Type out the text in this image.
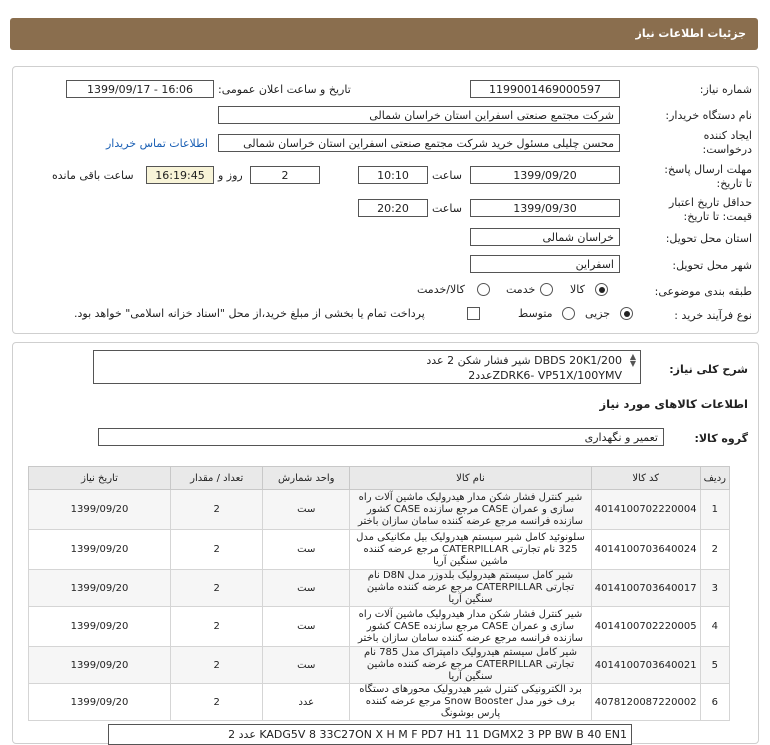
جزئیات اطلاعات نیاز
شماره نیاز:
1199001469000597
تاریخ و ساعت اعلان عمومی:
1399/09/17 - 16:06
نام دستگاه خریدار:
شرکت مجتمع صنعتی اسفراین استان خراسان شمالی
ایجاد کننده
درخواست:
محسن چلیلی مسئول خرید شرکت مجتمع صنعتی اسفراین استان خراسان شمالی
اطلاعات تماس خریدار
مهلت ارسال پاسخ:
تا تاریخ:
1399/09/20
ساعت
10:10
2
روز و
16:19:45
ساعت باقی مانده
حداقل تاریخ اعتبار
قیمت: تا تاریخ:
1399/09/30
ساعت
20:20
استان محل تحویل:
خراسان شمالی
شهر محل تحویل:
اسفراین
طبقه بندی موضوعی:
کالا
خدمت
کالا/خدمت
نوع فرآیند خرید :
جزیی
متوسط
پرداخت تمام یا بخشی از مبلغ خرید،از محل "اسناد خزانه اسلامی" خواهد بود.
شرح کلی نیاز:
DBDS 20K1/200 شیر فشار شکن 2 عدد
ZDRK6- VP51X/100YMVعدد2
▲
▼
اطلاعات کالاهای مورد نیاز
گروه کالا:
تعمیر و نگهداری
ردیف	کد کالا	نام کالا	واحد شمارش	تعداد / مقدار	تاریخ نیاز
1	4014100702220004	شیر کنترل فشار شکن مدار هیدرولیک ماشین آلات راه سازی و عمران CASE مرجع سازنده CASE کشور سازنده فرانسه مرجع عرضه کننده سامان سازان باختر	ست	2	1399/09/20
2	4014100703640024	سلونوئید کامل شیر سیستم هیدرولیک بیل مکانیکی مدل 325 نام تجارتی CATERPILLAR مرجع عرضه کننده ماشین سنگین آریا	ست	2	1399/09/20
3	4014100703640017	شیر کامل سیستم هیدرولیک بلدوزر مدل D8N نام تجارتی CATERPILLAR مرجع عرضه کننده ماشین سنگین آریا	ست	2	1399/09/20
4	4014100702220005	شیر کنترل فشار شکن مدار هیدرولیک ماشین آلات راه سازی و عمران CASE مرجع سازنده CASE کشور سازنده فرانسه مرجع عرضه کننده سامان سازان باختر	ست	2	1399/09/20
5	4014100703640021	شیر کامل سیستم هیدرولیک دامپتراک مدل 785 نام تجارتی CATERPILLAR مرجع عرضه کننده ماشین سنگین آریا	ست	2	1399/09/20
6	4078120087220002	برد الکترونیکی کنترل شیر هیدرولیک محورهای دستگاه برف خور مدل Snow Booster مرجع عرضه کننده پارس بوشونگ	عدد	2	1399/09/20
KADG5V 8 33C27ON X H M F PD7 H1 11 DGMX2 3 PP BW B 40 EN1 عدد 2
